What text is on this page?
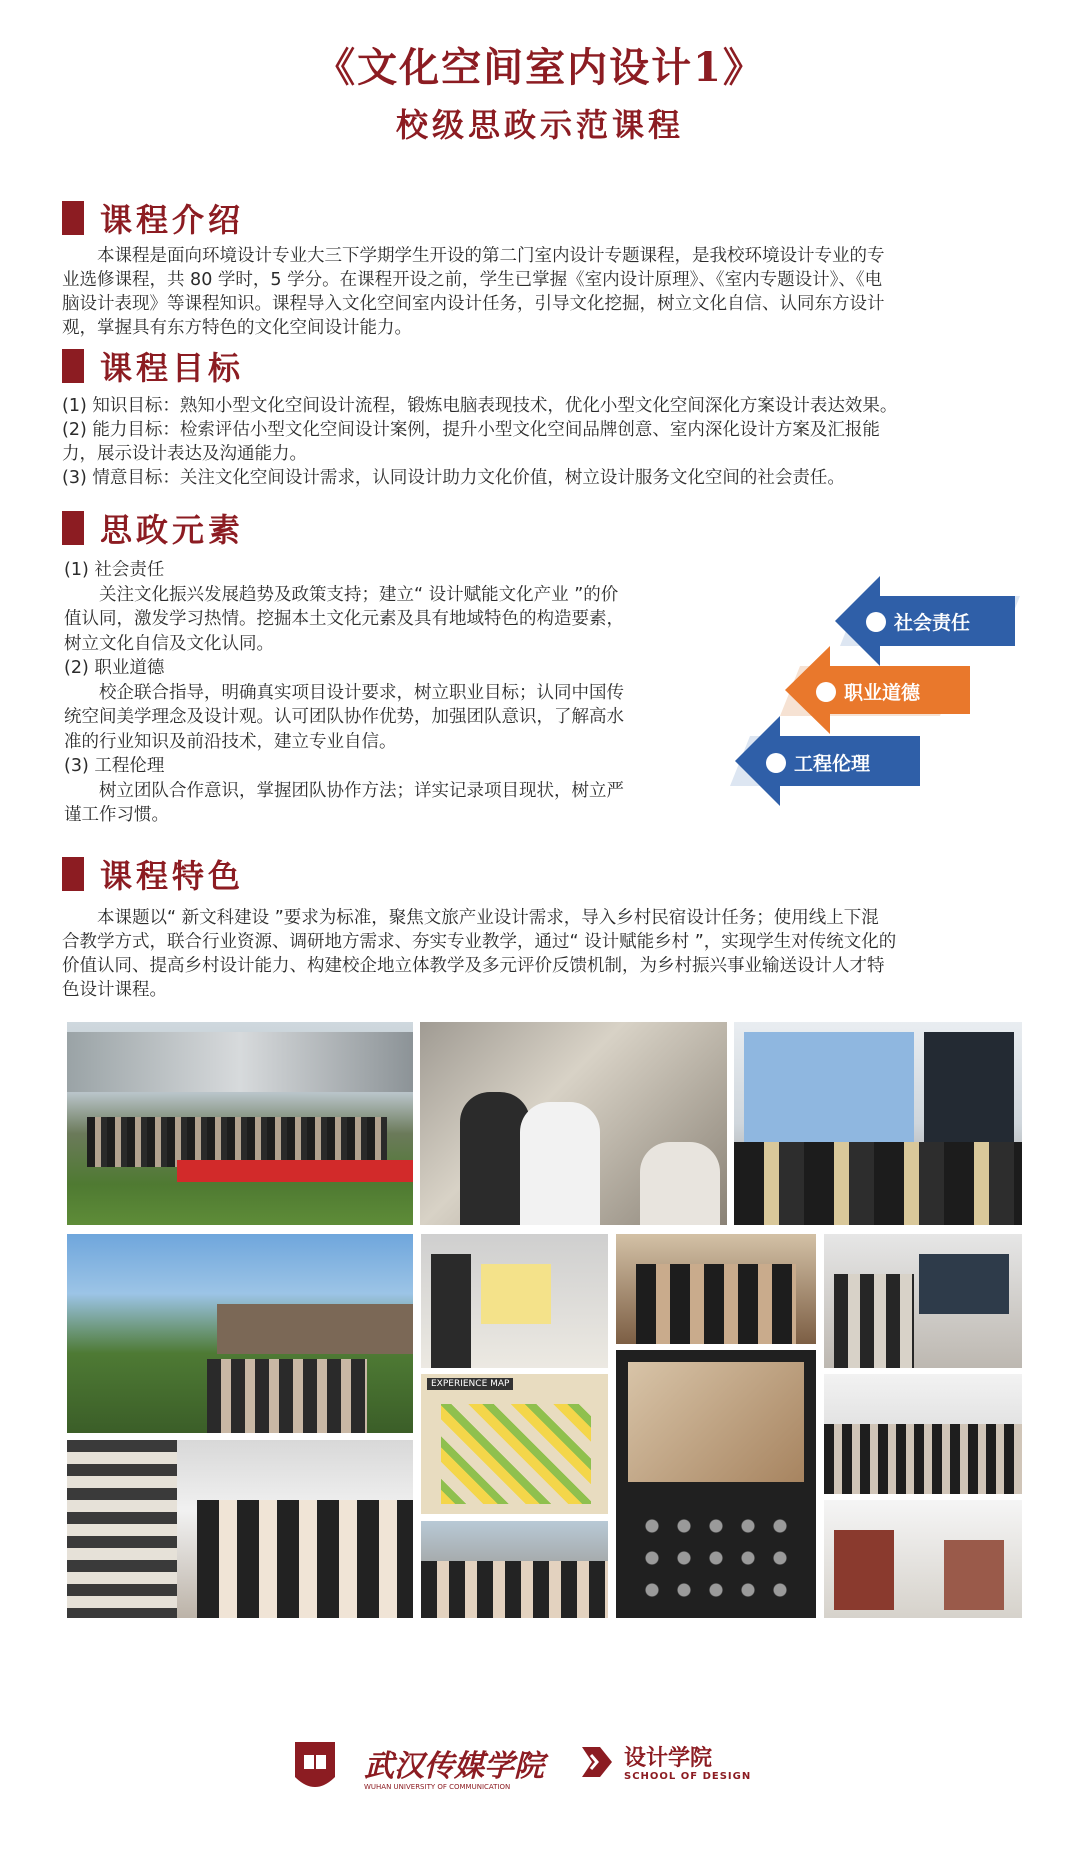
《文化空间室内设计1》
校级思政示范课程
课程介绍
本课程是面向环境设计专业大三下学期学生开设的第二门室内设计专题课程，是我校环境设计专业的专
业选修课程，共 80 学时，5 学分。在课程开设之前，学生已掌握《室内设计原理》、《室内专题设计》、《电
脑设计表现》等课程知识。课程导入文化空间室内设计任务，引导文化挖掘，树立文化自信、认同东方设计
观，掌握具有东方特色的文化空间设计能力。
课程目标
(1) 知识目标：熟知小型文化空间设计流程，锻炼电脑表现技术，优化小型文化空间深化方案设计表达效果。
(2) 能力目标：检索评估小型文化空间设计案例，提升小型文化空间品牌创意、室内深化设计方案及汇报能
力，展示设计表达及沟通能力。
(3) 情意目标：关注文化空间设计需求，认同设计助力文化价值，树立设计服务文化空间的社会责任。
思政元素
(1) 社会责任
关注文化振兴发展趋势及政策支持；建立“ 设计赋能文化产业 ”的价
值认同，激发学习热情。挖掘本土文化元素及具有地域特色的构造要素，
树立文化自信及文化认同。
(2) 职业道德
校企联合指导，明确真实项目设计要求，树立职业目标；认同中国传
统空间美学理念及设计观。认可团队协作优势，加强团队意识，了解高水
准的行业知识及前沿技术，建立专业自信。
(3) 工程伦理
树立团队合作意识，掌握团队协作方法；详实记录项目现状，树立严
谨工作习惯。
社会责任
职业道德
工程伦理
课程特色
本课题以“ 新文科建设 ”要求为标准，聚焦文旅产业设计需求，导入乡村民宿设计任务；使用线上下混
合教学方式，联合行业资源、调研地方需求、夯实专业教学，通过“ 设计赋能乡村 ”，实现学生对传统文化的
价值认同、提高乡村设计能力、构建校企地立体教学及多元评价反馈机制，为乡村振兴事业输送设计人才特
色设计课程。
EXPERIENCE MAP
武汉传媒学院
WUHAN UNIVERSITY OF COMMUNICATION
设计学院
SCHOOL OF DESIGN
